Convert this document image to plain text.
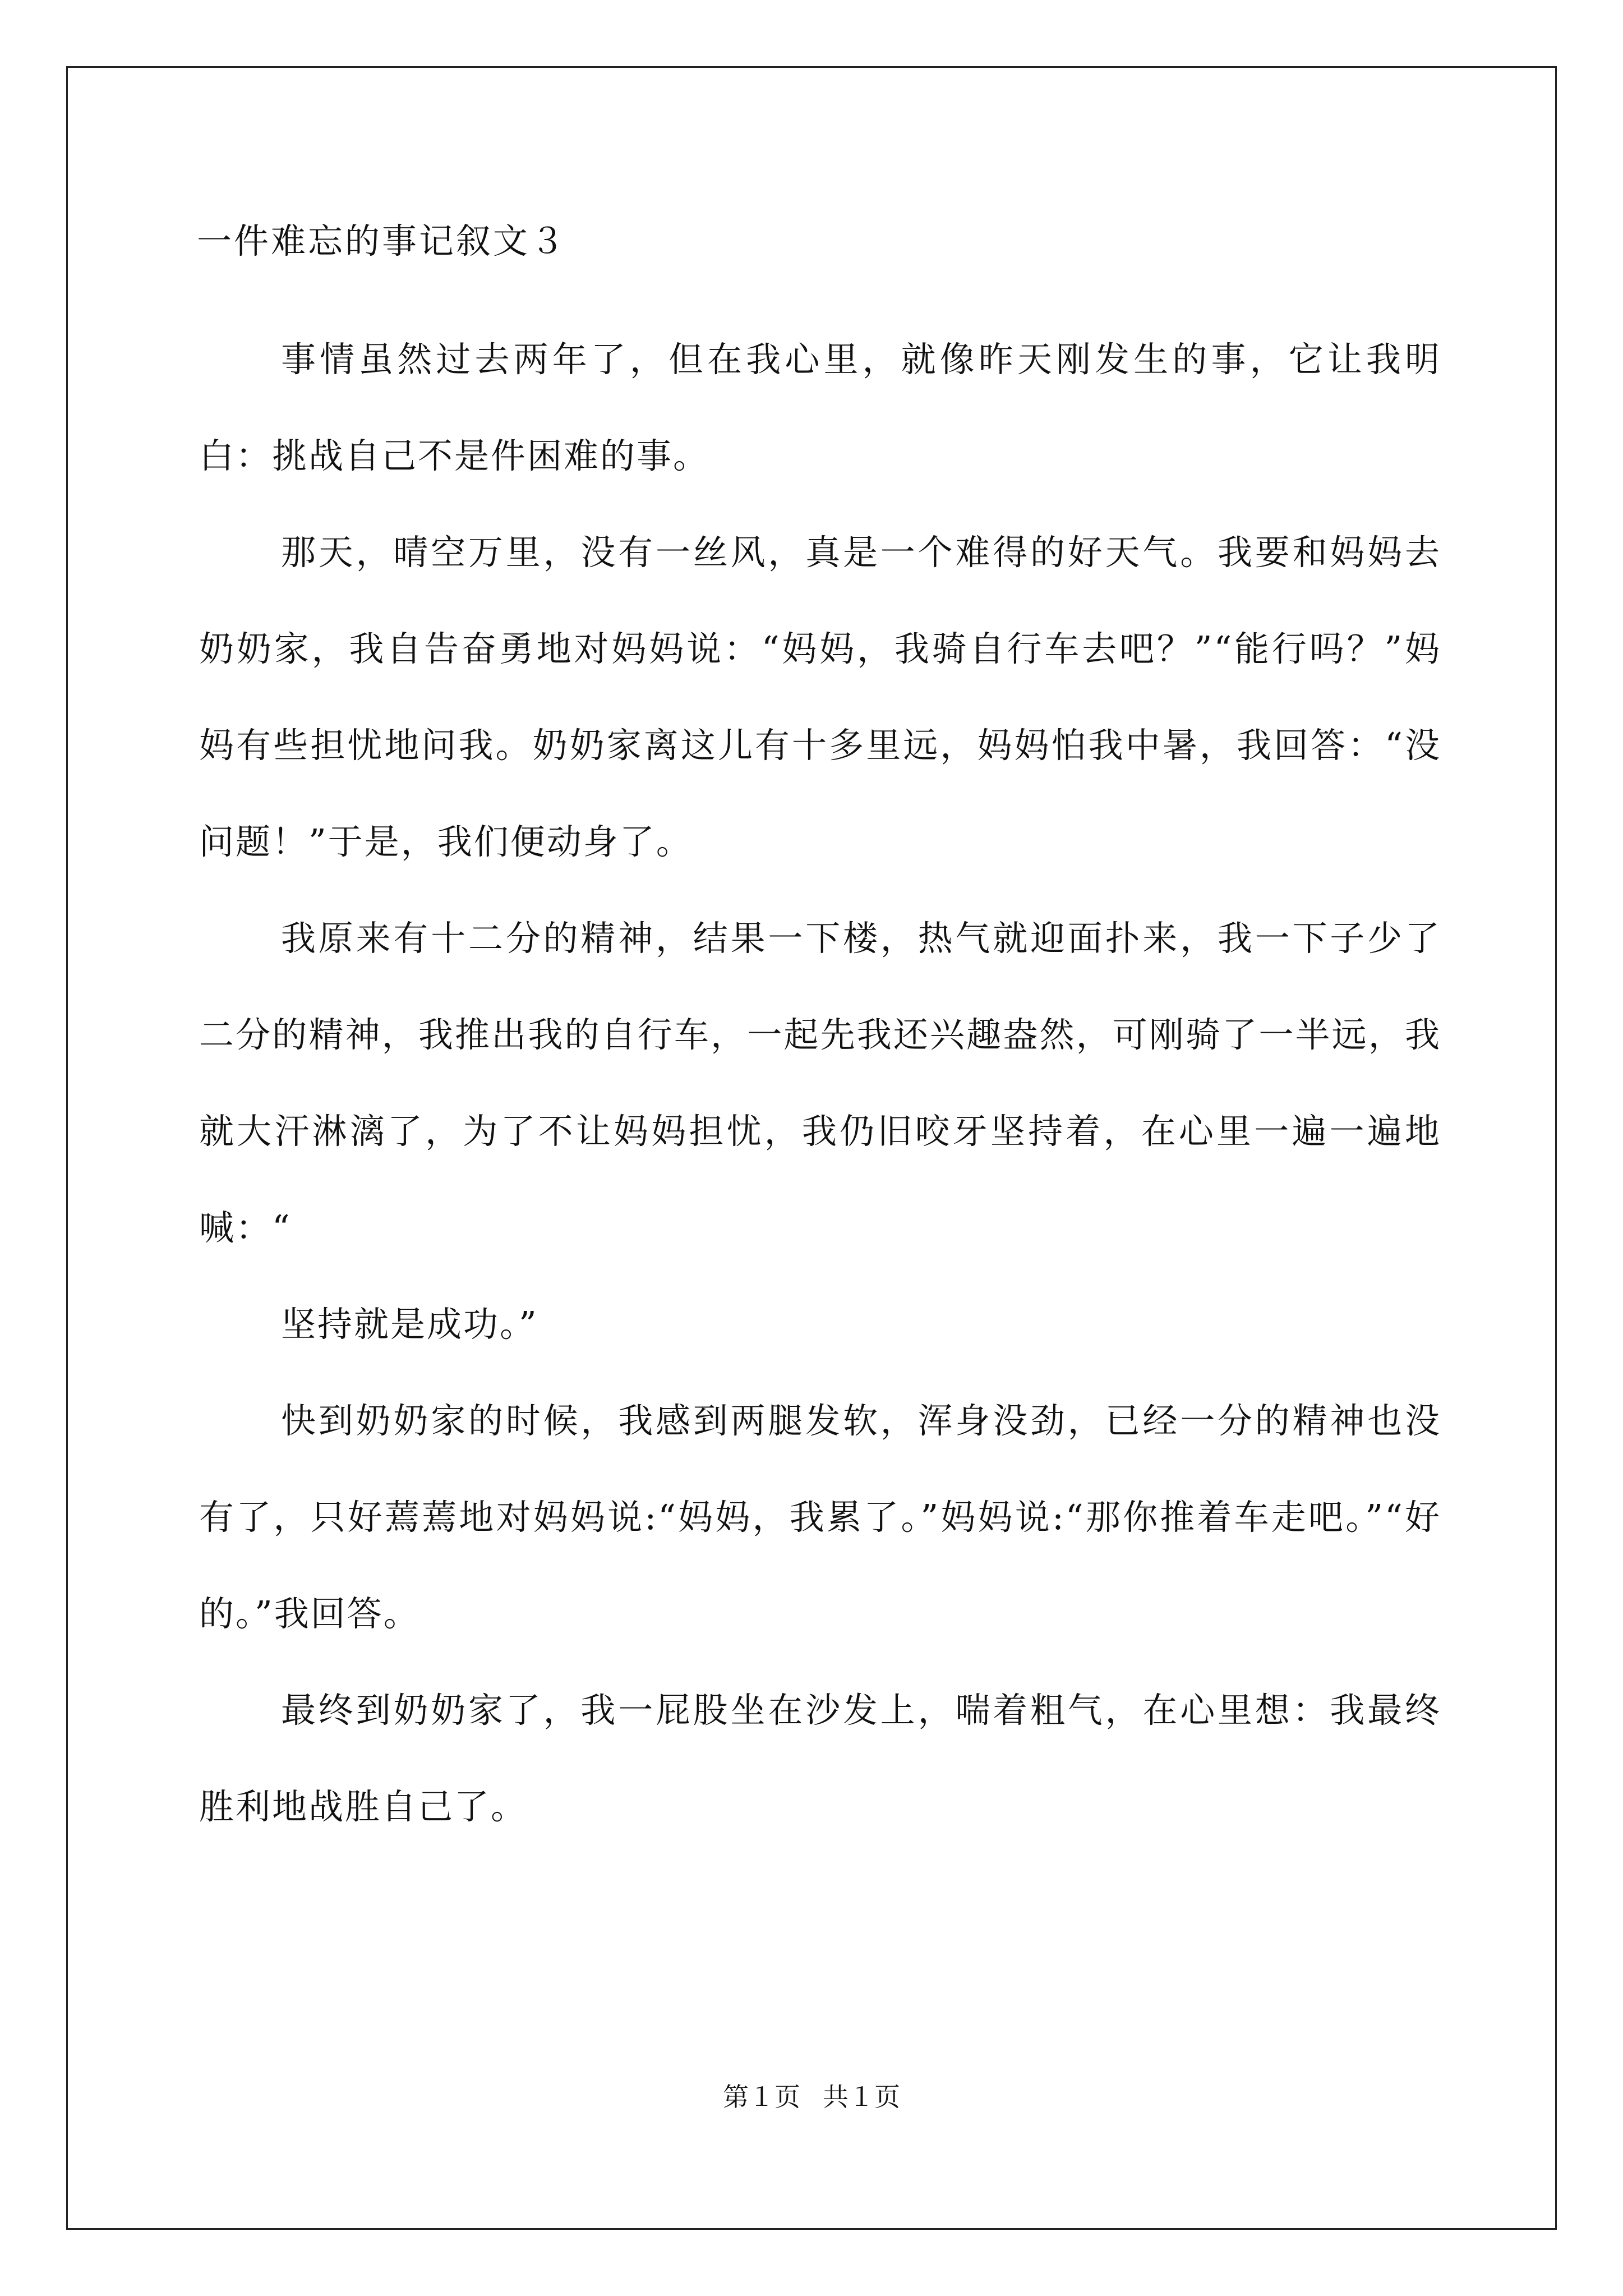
一件难忘的事记叙文３

事情虽然过去两年了，但在我心里，就像昨天刚发生的事，它让我明白：挑战自己不是件困难的事。

那天，晴空万里，没有一丝风，真是一个难得的好天气。我要和妈妈去奶奶家，我自告奋勇地对妈妈说：“妈妈，我骑自行车去吧？”“能行吗？”妈妈有些担忧地问我。奶奶家离这儿有十多里远，妈妈怕我中暑，我回答：“没问题！”于是，我们便动身了。

我原来有十二分的精神，结果一下楼，热气就迎面扑来，我一下子少了二分的精神，我推出我的自行车，一起先我还兴趣盎然，可刚骑了一半远，我就大汗淋漓了，为了不让妈妈担忧，我仍旧咬牙坚持着，在心里一遍一遍地喊：“

坚持就是成功。”

快到奶奶家的时候，我感到两腿发软，浑身没劲，已经一分的精神也没有了，只好蔫蔫地对妈妈说:“妈妈，我累了。”妈妈说:“那你推着车走吧。”“好的。”我回答。

最终到奶奶家了，我一屁股坐在沙发上，喘着粗气，在心里想：我最终胜利地战胜自己了。

第１页 共１页
